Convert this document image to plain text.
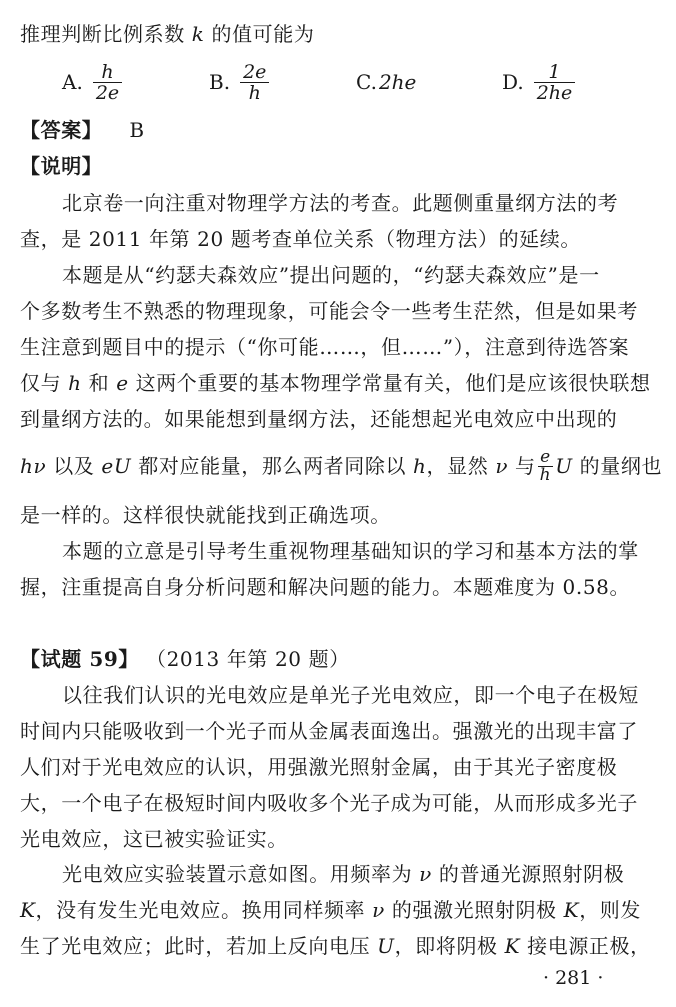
推理判断比例系数 k 的值可能为
A. $\frac{h}{2e}$	B. $\frac{2e}{h}$	C. 2he	D. $\frac{1}{2he}$
【答案】 B
【说明】
北京卷一向注重对物理学方法的考查。此题侧重量纲方法的考
查，是 2011 年第 20 题考查单位关系（物理方法）的延续。
本题是从“约瑟夫森效应”提出问题的，“约瑟夫森效应”是一
个多数考生不熟悉的物理现象，可能会令一些考生茫然，但是如果考
生注意到题目中的提示（“你可能……，但……”），注意到待选答案
仅与 h 和 e 这两个重要的基本物理学常量有关，他们是应该很快联想
到量纲方法的。如果能想到量纲方法，还能想起光电效应中出现的
hν
以及
eU
都对应能量，那么两者同除以
h ，显然
ν
与 $\frac{e}{h}$ U
的量纲也
是一样的。这样很快就能找到正确选项。
本题的立意是引导考生重视物理基础知识的学习和基本方法的掌
握，注重提高自身分析问题和解决问题的能力。本题难度为 0.58。
【试题 59】 （2013 年第 20 题）
以往我们认识的光电效应是单光子光电效应，即一个电子在极短
时间内只能吸收到一个光子而从金属表面逸出。强激光的出现丰富了
人们对于光电效应的认识，用强激光照射金属，由于其光子密度极
大，一个电子在极短时间内吸收多个光子成为可能，从而形成多光子
光电效应，这已被实验证实。
光电效应实验装置示意如图。用频率为 ν 的普通光源照射阴极
K，没有发生光电效应。换用同样频率 ν 的强激光照射阴极 K，则发
生了光电效应；此时，若加上反向电压 U，即将阴极 K 接电源正极，
· 281 ·
